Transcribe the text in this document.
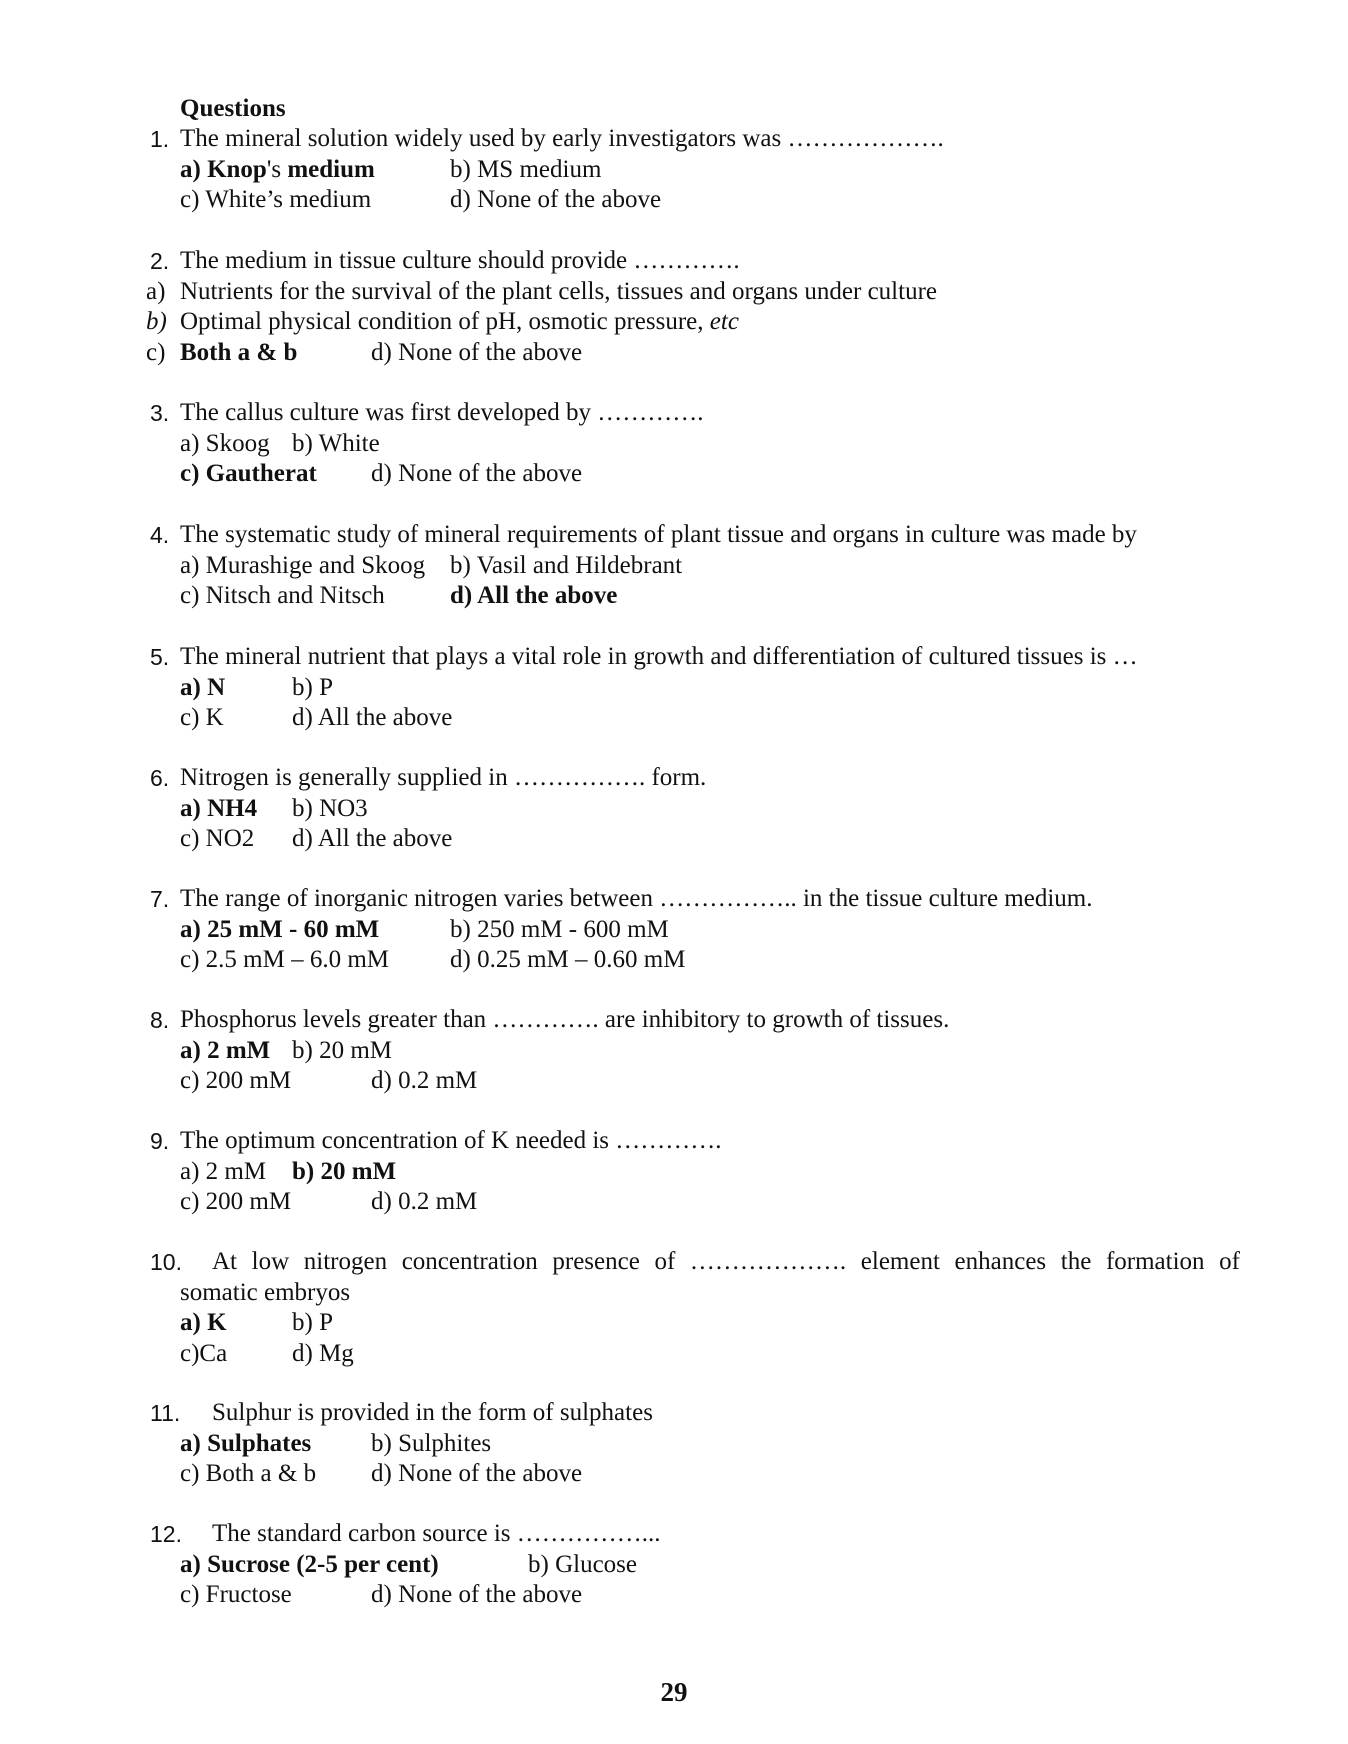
Questions
1. The mineral solution widely used by early investigators was ……………….
a) Knop's medium	b) MS medium
c) White’s medium	d) None of the above
2. The medium in tissue culture should provide ………….
a) Nutrients for the survival of the plant cells, tissues and organs under culture
b) Optimal physical condition of pH, osmotic pressure, etc
c) Both a & b	d) None of the above
3. The callus culture was first developed by ………….
a) Skoog b) White
c) Gautherat d) None of the above
4. The systematic study of mineral requirements of plant tissue and organs in culture was made by
a) Murashige and Skoog b) Vasil and Hildebrant
c) Nitsch and Nitsch	d) All the above
5. The mineral nutrient that plays a vital role in growth and differentiation of cultured tissues is …
a) N	b) P
c) K	d) All the above
6. Nitrogen is generally supplied in ……………. form.
a) NH4 b) NO3
c) NO2 d) All the above
7. The range of inorganic nitrogen varies between …………….. in the tissue culture medium.
a) 25 mM - 60 mM	b) 250 mM - 600 mM
c) 2.5 mM – 6.0 mM d) 0.25 mM – 0.60 mM
8. Phosphorus levels greater than …………. are inhibitory to growth of tissues.
a) 2 mM b) 20 mM
c) 200 mM	d) 0.2 mM
9. The optimum concentration of K needed is ………….
a) 2 mM b) 20 mM
c) 200 mM	d) 0.2 mM
10. At low nitrogen concentration presence of ………………. element enhances the formation of
somatic embryos
a) K	b) P
c)Ca	d) Mg
11. Sulphur is provided in the form of sulphates
a) Sulphates b) Sulphites
c) Both a & b d) None of the above
12. The standard carbon source is ……………...
a) Sucrose (2-5 per cent)	b) Glucose
c) Fructose	d) None of the above
29
